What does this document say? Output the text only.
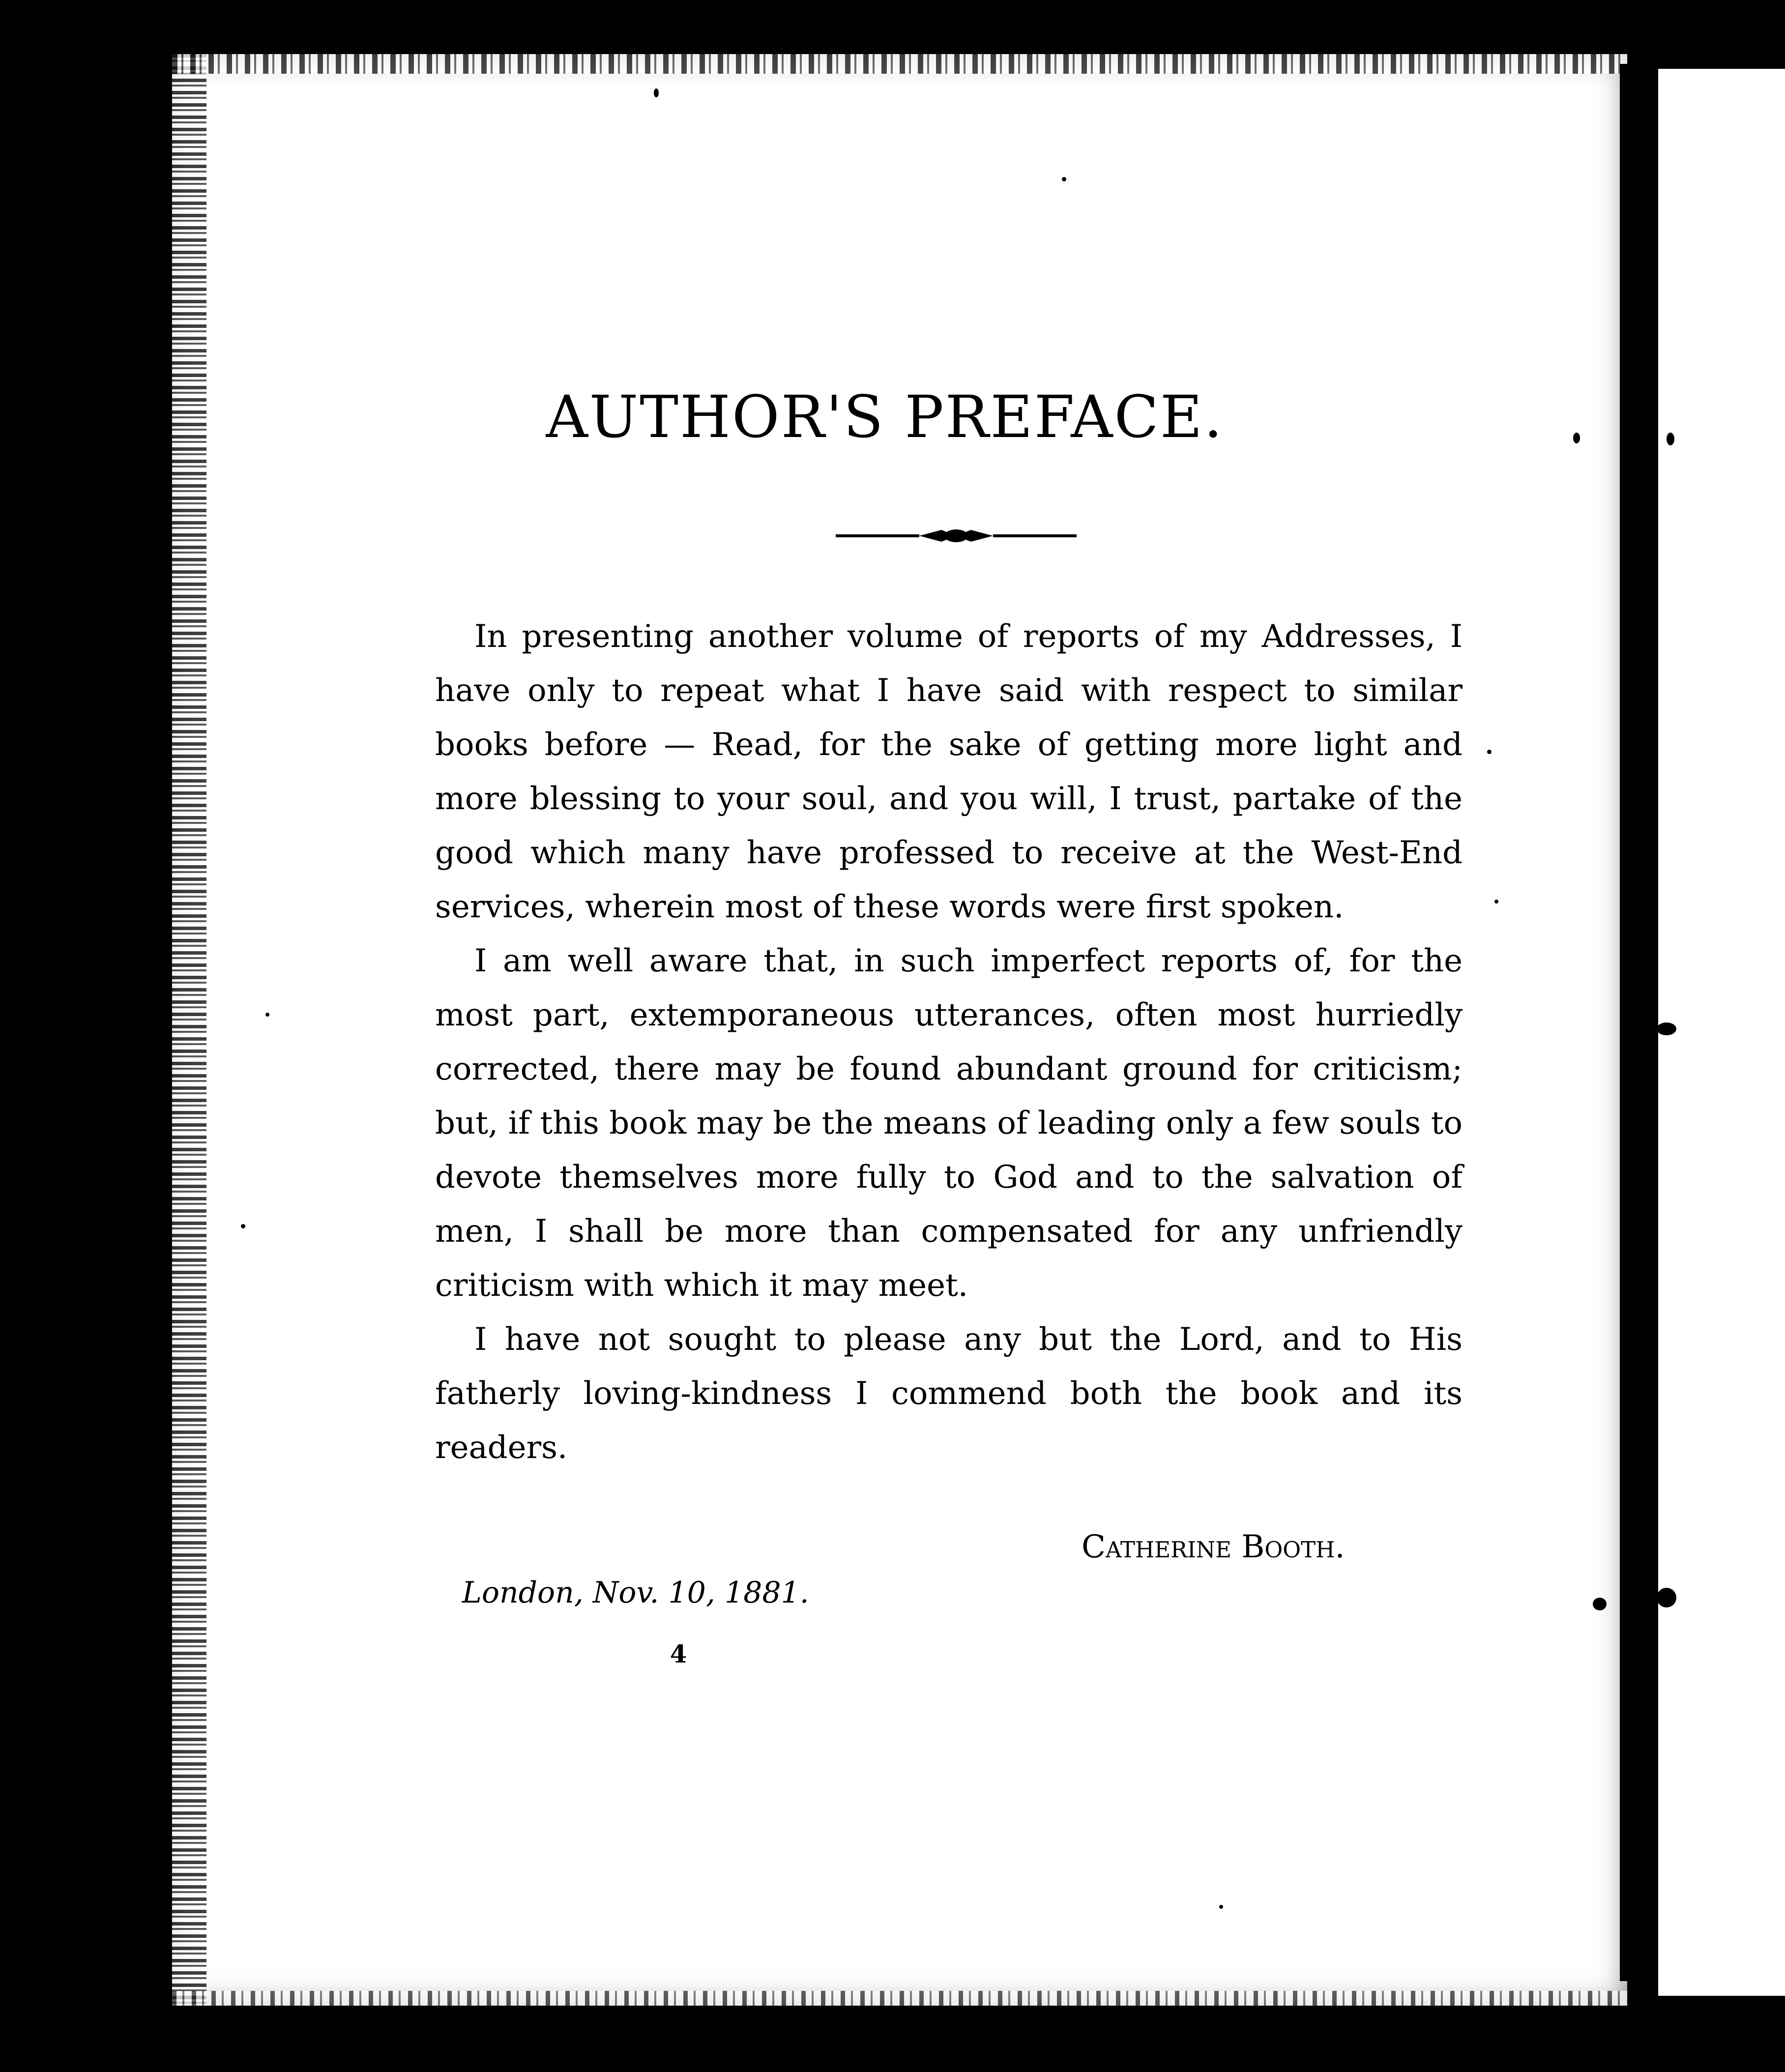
AUTHOR'S PREFACE.

In presenting another volume of reports of my Addresses, I have only to repeat what I have said with respect to similar books before — Read, for the sake of getting more light and more blessing to your soul, and you will, I trust, partake of the good which many have professed to receive at the West-End services, wherein most of these words were first spoken.

I am well aware that, in such imperfect reports of, for the most part, extemporaneous utterances, often most hurriedly corrected, there may be found abundant ground for criticism; but, if this book may be the means of leading only a few souls to devote themselves more fully to God and to the salvation of men, I shall be more than compensated for any unfriendly criticism with which it may meet.

I have not sought to please any but the Lord, and to His fatherly loving-kindness I commend both the book and its readers.

Catherine Booth.
London, Nov. 10, 1881.
4
